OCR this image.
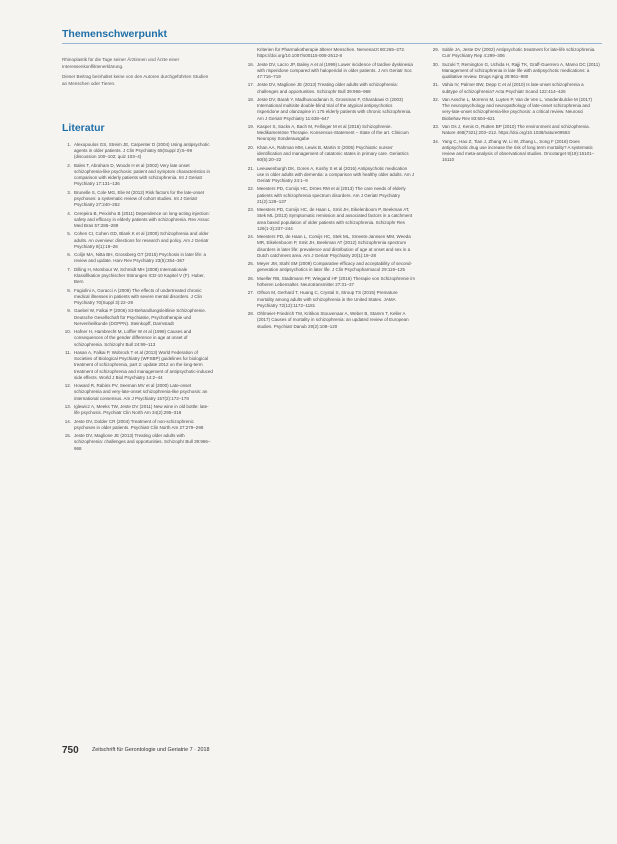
Themenschwerpunkt

Rhinoplastik für die Tage seiner Ärztinnen und Ärzte einer Interessenkonfliktenerklärung.

Dieser Beitrag beinhaltet keine von den Autoren durchgeführten Studien an Menschen oder Tieren.

Literatur
1. Alexopoulos GS, Streim JE, Carpenter D (2004) Using antipsychotic agents in older patients. J Clin Psychiatry 65(Suppl 2):5–99 (discussion 100–102; quiz 103–4)
2. Bales T, Abraham D, Woods H et al (2002) Very late onset schizophrenia-like psychosis: patient and symptom characteristics in comparison with elderly patients with schizophrenia. Int J Geriatr Psychiatry 17:131–136
3. Brunelle S, Cole MG, Elie M (2012) Risk factors for the late-onset psychoses: a systematic review of cohort studies. Int J Geriatr Psychiatry 27:240–252
4. Cerejeira B, Peixinho B (2011) Dependence on long-acting injection: safety and efficacy in elderly patients with schizophrenia. Rev Assoc Med Bras 57:285–289
5. Cohen CI, Cohen GD, Blank K et al (2000) Schizophrenia and older adults. An overview: directions for research and policy. Am J Geriatr Psychiatry 8(1):19–28
6. Colijn MA, Nitta BH, Grossberg GT (2015) Psychosis in later life: a review and update. Harv Rev Psychiatry 23(5):354–367
7. Dilling H, Mombour W, Schmidt MH (2008) Internationale Klassifikation psychischer Störungen ICD-10 Kapitel V (F). Huber, Bern
8. Fagiolini A, Goracci A (2009) The effects of undertreated chronic medical illnesses in patients with severe mental disorders. J Clin Psychiatry 70(Suppl 3):22–29
9. Gaebel W, Falkai P (2006) S3-Behandlungsleitlinie Schizophrenie. Deutsche Gesellschaft für Psychiatrie, Psychotherapie und Nervenheilkunde (DGPPN). Steinkopff, Darmstadt
10. Hafner H, Hambrecht M, Loffler W et al (1998) Causes and consequences of the gender difference in age at onset of schizophrenia. Schizophr Bull 24:99–113
11. Hasan A, Falkai P, Wobrock T et al (2013) World Federation of Societies of Biological Psychiatry (WFSBP) guidelines for biological treatment of schizophrenia, part 2: update 2012 on the long-term treatment of schizophrenia and management of antipsychotic-induced side effects. World J Biol Psychiatry 14:2–44
12. Howard R, Rabins PV, Seeman MV et al (2000) Late-onset schizophrenia and very-late-onset schizophrenia-like psychosis: an international consensus. Am J Psychiatry 157(2):172–178
13. Iglewicz A, Meeks TW, Jeste DV (2011) New wine in old bottle: late-life psychosis. Psychiatr Clin North Am 34(2):295–318
14. Jeste DV, Dolder CR (2004) Treatment of non-schizophrenic psychoses in older patients. Psychiatr Clin North Am 27:279–298
15. Jeste DV, Maglione JE (2013) Treating older adults with schizophrenia: challenges and opportunities. Schizophr Bull 39:966–968
Kriterien für Pharmakotherapie älterer Menschen. Nervenarzt 80:265–272. https://doi.org/10.1007/s00115-008-2612-8
16. Jeste DV, Lacro JP, Bailey A et al (1999) Lower incidence of tardive dyskinesia with risperidone compared with haloperidol in older patients. J Am Geriatr Soc 47:716–719
17. Jeste DV, Maglione JE (2013) Treating older adults with schizophrenia: challenges and opportunities. Schizophr Bull 39:966–968
18. Jeste DV, Barak Y, Madhusoodanan S, Grossman F, Gharabawi G (2003) International multisite double-blind trial of the atypical antipsychotics risperidone and olanzapine in 175 elderly patients with chronic schizophrenia. Am J Geriatr Psychiatry 11:638–647
19. Kasper S, Sacks A, Bach M, Fellinger M et al (2016) Schizophrenie. Medikamentöse Therapie. Konsensus-Statement – State of the art. Clinicum Neuropsy Sonderausgabe
20. Khan AA, Rahman MM, Lewis B, Martin S (2005) Psychiatric nurses' identification and management of catatonic states in primary care. Geriatrics 60(5):20–22
21. Leeuwenburgh DK, Goren A, Koshy S et al (2016) Antipsychotic medication use in older adults with dementia: a comparison with healthy older adults. Am J Geriatr Psychiatry 24:1–9
22. Meesters PD, Comijs HC, Dröes RM et al (2013) The care needs of elderly patients with schizophrenia spectrum disorders. Am J Geriatr Psychiatry 21(2):129–137
23. Meesters PD, Comijs HC, de Haan L, Smit JH, Eikelenboom P, Beekman AT, Stek ML (2013) Symptomatic remission and associated factors in a catchment area based population of older patients with schizophrenia. Schizophr Res 126(1-3):237–244
24. Meesters PD, de Haan L, Comijs HC, Stek ML, Smeets-Janssen MM, Weeda MR, Eikelenboom P, Smit JH, Beekman AT (2012) Schizophrenia spectrum disorders in later life: prevalence and distribution of age at onset and sex in a Dutch catchment area. Am J Geriatr Psychiatry 20(1):18–28
25. Meyer JM, Stahl SM (2009) Comparative efficacy and acceptability of second-generation antipsychotics in later life. J Clin Psychopharmacol 29:119–125
26. Mueller RB, Stadtmann PF, Wiegand HF (2016) Therapie von Schizophrenie im höheren Lebensalter. Neurotransmitter 27:31–37
27. Olfson M, Gerhard T, Huang C, Crystal S, Stroup TS (2015) Premature mortality among adults with schizophrenia in the United States. JAMA Psychiatry 72(12):1172–1181
28. Ohlmeier-Friedrich TM, Kritikos Stouvenaar A, Weber B, Stamm T, Keller A (2017) Causes of mortality in schizophrenia: an updated review of European studies. Psychiatr Danub 29(2):108–120
29. Sable JA, Jeste DV (2002) Antipsychotic treatment for late-life schizophrenia. Curr Psychiatry Rep 4:299–306
30. Suzuki T, Remington G, Uchida H, Rajji TK, Graff-Guerrero A, Mamo DC (2011) Management of schizophrenia in late life with antipsychotic medications: a qualitative review. Drugs Aging 28:961–980
31. Vahia IV, Palmer BW, Depp C et al (2010) Is late-onset schizophrenia a subtype of schizophrenia? Acta Psychiatr Scand 122:414–426
32. Van Assche L, Morrens M, Luyten P, Van de Ven L, Vandenbulcke M (2017) The neuropsychology and neuropathology of late-onset schizophrenia and very-late-onset schizophrenia-like psychosis: a critical review. Neurosci Biobehav Rev 83:604–621
33. Van Os J, Kenis G, Rutten BP (2010) The environment and schizophrenia. Nature 468(7321):203–212. https://doi.org/10.1038/nature09563
34. Yang C, Hao Z, Tian J, Zhang W, Li W, Zhang L, Song F (2018) Does antipsychotic drug use increase the risk of long term mortality? A systematic review and meta-analysis of observational studies. Oncotarget 9(19):15101–15110
750 Zeitschrift für Gerontologie und Geriatrie 7 · 2018
